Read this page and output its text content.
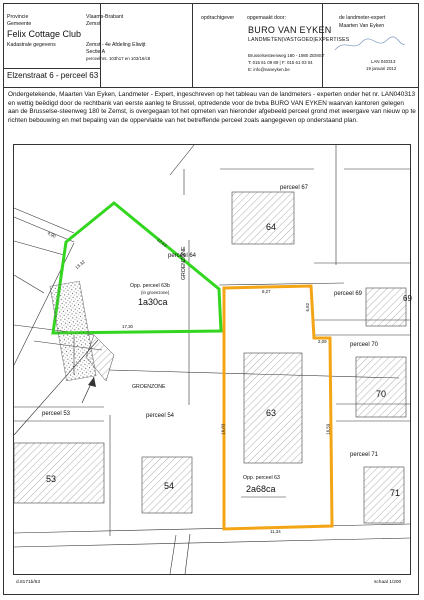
Provincie
Gemeente
Felix Cottage Club
Kadastrale gegevens
Vlaams-Brabant
Zemst
Zemst - 4e Afdeling Eliwijt
Sectie A
perceelnrs. 103h17 en 103/16/c8
Elzenstraat 6 - perceel 63
opdrachtgever opgemaakt door:
BURO VAN EYKEN
LANDMETEN|VASTGOED|EXPERTISES
Brusselsesteenweg 180 - 1980 ZEMST
T: 015 61 09 89 | F: 015 61 03 04
E: info@vaneyken.be
de landmeter-expert
Maarten Van Eyken
LAN 040313
19 januari 2012
Ondergetekende, Maarten Van Eyken, Landmeter - Expert, ingeschreven op het tableau van de landmeters - experten onder het nr. LAN040313 en wettig beëdigd door de rechtbank van eerste aanleg te Brussel, optredende voor de bvba BURO VAN EYKEN waarvan kantoren gelegen aan de Brusselse-steenweg 180 te Zemst, is overgegaan tot het opmeten van hieronder afgebeeld perceel grond met weergave van nieuw op te richten bebouwing en met bepaling van de oppervlakte van het betreffende perceel zoals aangegeven op onderstaand plan.
perceel 67
perceel 64
perceel 69
perceel 70
perceel 53	perceel 54
perceel 71
GROENZONE
GROENZONE
64
69
70
63
53
54
71
Opp. perceel 63b
(in groenzone)
1a30ca
Opp. perceel 63
2a68ca
4,90
13,32
12,63
17,30
8,27
6,82
2,09
16,83	16,59
11,34
d.8171b/63	schaal 1/200
